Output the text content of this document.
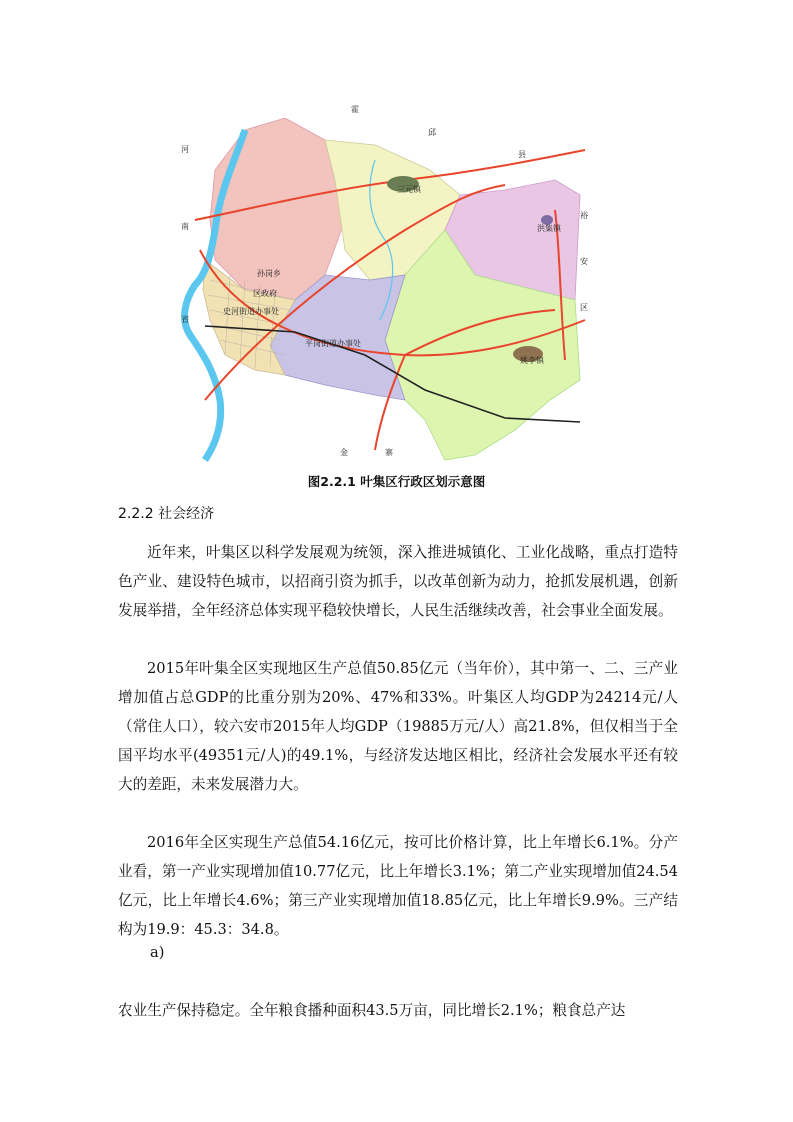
霍
邱
县
河
南
省
裕
安
区
金	寨
三元镇
洪集镇
姚李镇
孙岗乡
区政府
史河街道办事处
平岗街道办事处
图2.2.1 叶集区行政区划示意图
2.2.2 社会经济

近年来，叶集区以科学发展观为统领，深入推进城镇化、工业化战略，重点打造特色产业、建设特色城市，以招商引资为抓手，以改革创新为动力，抢抓发展机遇，创新发展举措，全年经济总体实现平稳较快增长，人民生活继续改善，社会事业全面发展。

2015年叶集全区实现地区生产总值50.85亿元（当年价），其中第一、二、三产业增加值占总GDP的比重分别为20%、47%和33%。叶集区人均GDP为24214元/人（常住人口），较六安市2015年人均GDP（19885万元/人）高21.8%，但仅相当于全国平均水平(49351元/人)的49.1%，与经济发达地区相比，经济社会发展水平还有较大的差距，未来发展潜力大。

2016年全区实现生产总值54.16亿元，按可比价格计算，比上年增长6.1%。分产业看，第一产业实现增加值10.77亿元，比上年增长3.1%；第二产业实现增加值24.54亿元，比上年增长4.6%；第三产业实现增加值18.85亿元，比上年增长9.9%。三产结构为19.9：45.3：34.8。

a)

农业生产保持稳定。全年粮食播种面积43.5万亩，同比增长2.1%；粮食总产达
